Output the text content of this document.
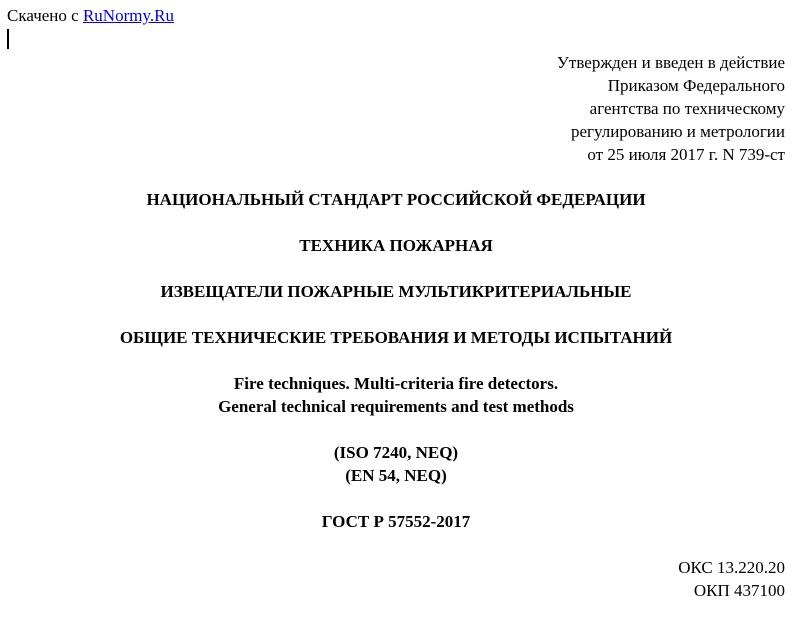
Скачено с RuNormy.Ru
Утвержден и введен в действие
Приказом Федерального
агентства по техническому
регулированию и метрологии
от 25 июля 2017 г. N 739-ст
НАЦИОНАЛЬНЫЙ СТАНДАРТ РОССИЙСКОЙ ФЕДЕРАЦИИ
ТЕХНИКА ПОЖАРНАЯ
ИЗВЕЩАТЕЛИ ПОЖАРНЫЕ МУЛЬТИКРИТЕРИАЛЬНЫЕ
ОБЩИЕ ТЕХНИЧЕСКИЕ ТРЕБОВАНИЯ И МЕТОДЫ ИСПЫТАНИЙ
Fire techniques. Multi-criteria fire detectors.
General technical requirements and test methods
(ISO 7240, NEQ)
(EN 54, NEQ)
ГОСТ Р 57552-2017
ОКС 13.220.20
ОКП 437100
